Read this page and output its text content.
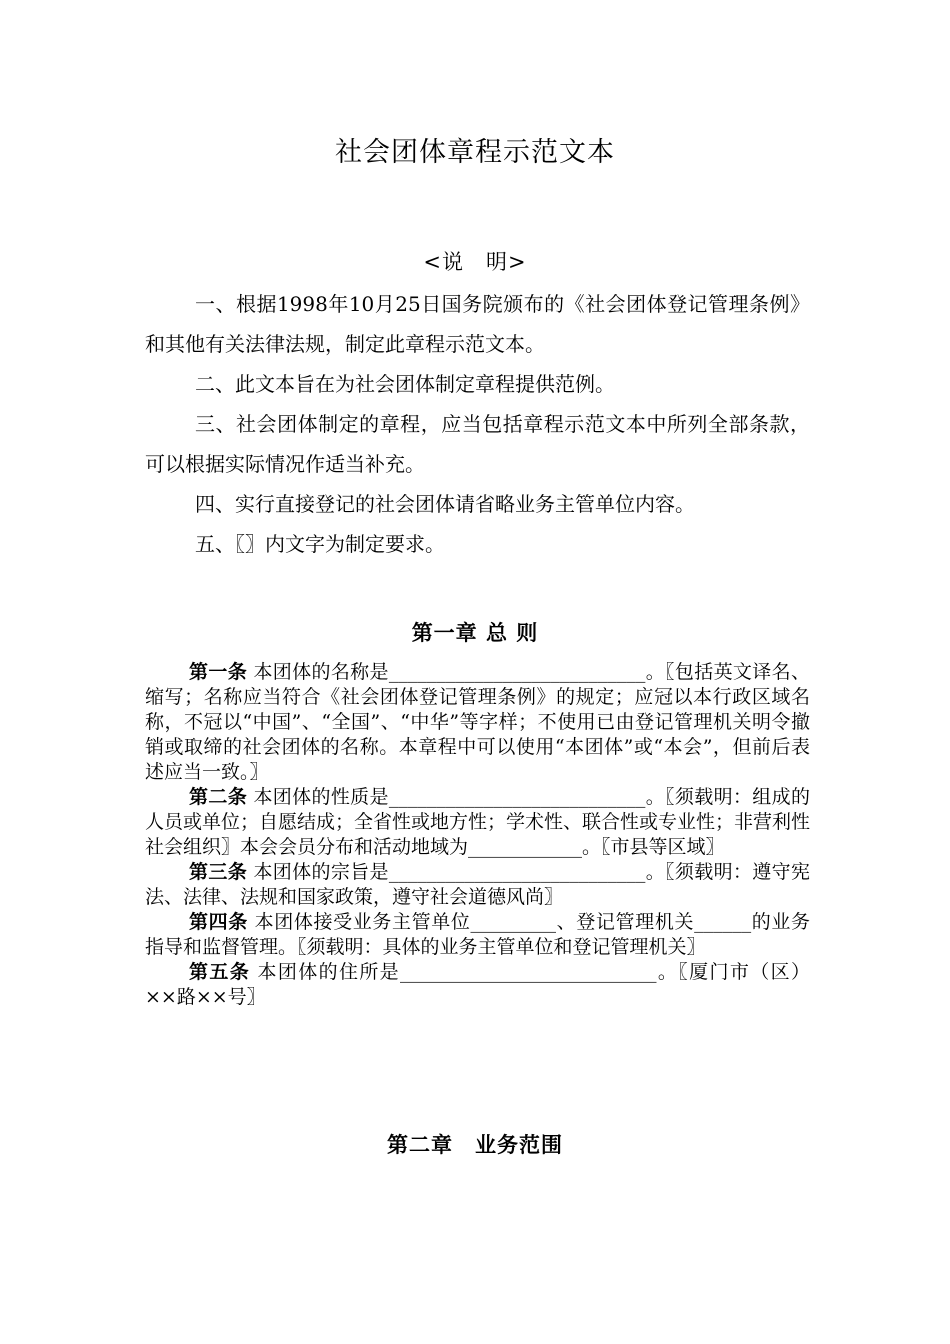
社会团体章程示范文本
<说　明>

一、根据1998年10月25日国务院颁布的《社会团体登记管理条例》和其他有关法律法规，制定此章程示范文本。

二、此文本旨在为社会团体制定章程提供范例。

三、社会团体制定的章程，应当包括章程示范文本中所列全部条款，可以根据实际情况作适当补充。

四、实行直接登记的社会团体请省略业务主管单位内容。

五、〖〗内文字为制定要求。

第一章 总 则

第一条 本团体的名称是___________________________。〖包括英文译名、缩写；名称应当符合《社会团体登记管理条例》的规定；应冠以本行政区域名称，不冠以“中国”、“全国”、“中华”等字样；不使用已由登记管理机关明令撤销或取缔的社会团体的名称。本章程中可以使用“本团体”或“本会”，但前后表述应当一致。〗

第二条 本团体的性质是___________________________。〖须载明：组成的人员或单位；自愿结成；全省性或地方性；学术性、联合性或专业性；非营利性社会组织〗本会会员分布和活动地域为____________。〖市县等区域〗

第三条 本团体的宗旨是___________________________。〖须载明：遵守宪法、法律、法规和国家政策，遵守社会道德风尚〗

第四条 本团体接受业务主管单位_________、登记管理机关______的业务指导和监督管理。〖须载明：具体的业务主管单位和登记管理机关〗

第五条 本团体的住所是___________________________。〖厦门市（区）××路××号〗

第二章　业务范围
